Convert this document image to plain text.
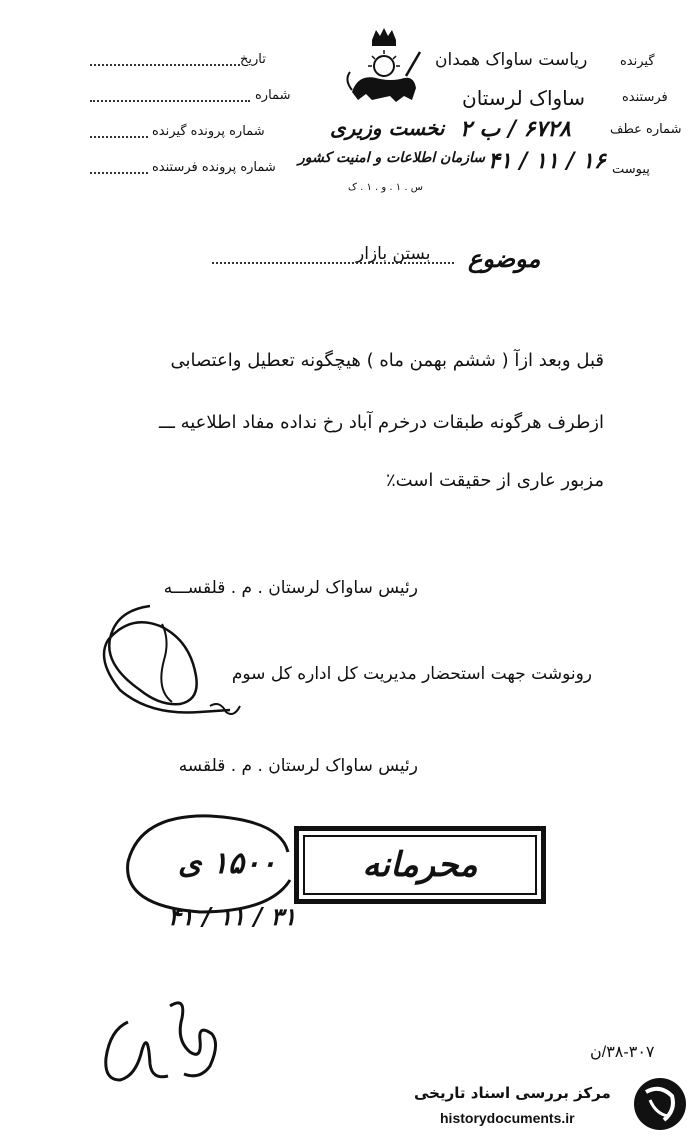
تاریخ
شماره
شماره پرونده گیرنده
شماره پرونده فرستنده
نخست وزیری
سازمان اطلاعات و امنیت کشور
س . ۱ . و . ۱ . ک
گیرنده
ریاست ساواک همدان
فرستنده
ساواک لرستان
شماره عطف
۶۷۲۸ / ب ۲
پیوست
۱۶ / ۱۱ / ۴۱
موضوع
بستن بازار
قبل وبعد ازآ ( ششم بهمن ماه ) هیچگونه تعطیل واعتصابی
ازطرف هرگونه طبقات درخرم آباد رخ نداده مفاد اطلاعیه ـــ
مزبور عاری از حقیقت است٪
رئیس ساواک لرستان . م . قلقســـه
رونوشت جهت استحضار مدیریت کل اداره کل سوم
رئیس ساواک لرستان . م . قلقسه
۱۵۰۰ ی
۳۱ / ۱۱ / ۴۱
محرمانه
۳۸-۳۰۷/ن
مرکز بررسی اسناد تاریخی
historydocuments.ir
